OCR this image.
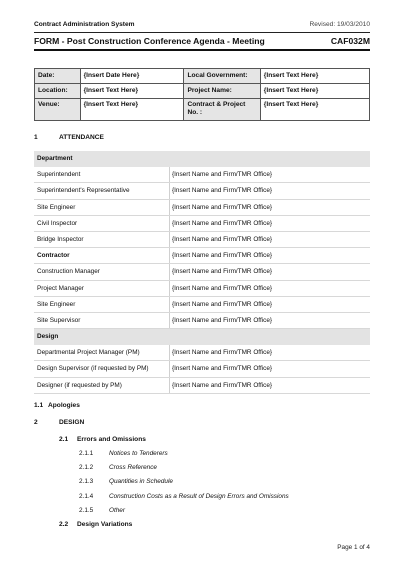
Contract Administration System	Revised: 19/03/2010
FORM - Post Construction Conference Agenda - Meeting	CAF032M
Date:	{Insert Date Here}	Local Government:	{Insert Text Here}
Location:	{Insert Text Here}	Project Name:	{Insert Text Here}
Venue:	{Insert Text Here}	Contract & Project No. :	{Insert Text Here}
1	ATTENDANCE
Department
Superintendent	{Insert Name and Firm/TMR Office}
Superintendent's Representative	{Insert Name and Firm/TMR Office}
Site Engineer	{Insert Name and Firm/TMR Office}
Civil Inspector	{Insert Name and Firm/TMR Office}
Bridge Inspector	{Insert Name and Firm/TMR Office}
Contractor	{Insert Name and Firm/TMR Office}
Construction Manager	{Insert Name and Firm/TMR Office}
Project Manager	{Insert Name and Firm/TMR Office}
Site Engineer	{Insert Name and Firm/TMR Office}
Site Supervisor	{Insert Name and Firm/TMR Office}
Design
Departmental Project Manager (PM)	{Insert Name and Firm/TMR Office}
Design Supervisor (if requested by PM)	{Insert Name and Firm/TMR Office}
Designer (if requested by PM)	{Insert Name and Firm/TMR Office}
1.1 Apologies
2	DESIGN
2.1 Errors and Omissions
2.1.1 Notices to Tenderers
2.1.2 Cross Reference
2.1.3 Quantities in Schedule
2.1.4 Construction Costs as a Result of Design Errors and Omissions
2.1.5 Other
2.2 Design Variations
Page 1 of 4
